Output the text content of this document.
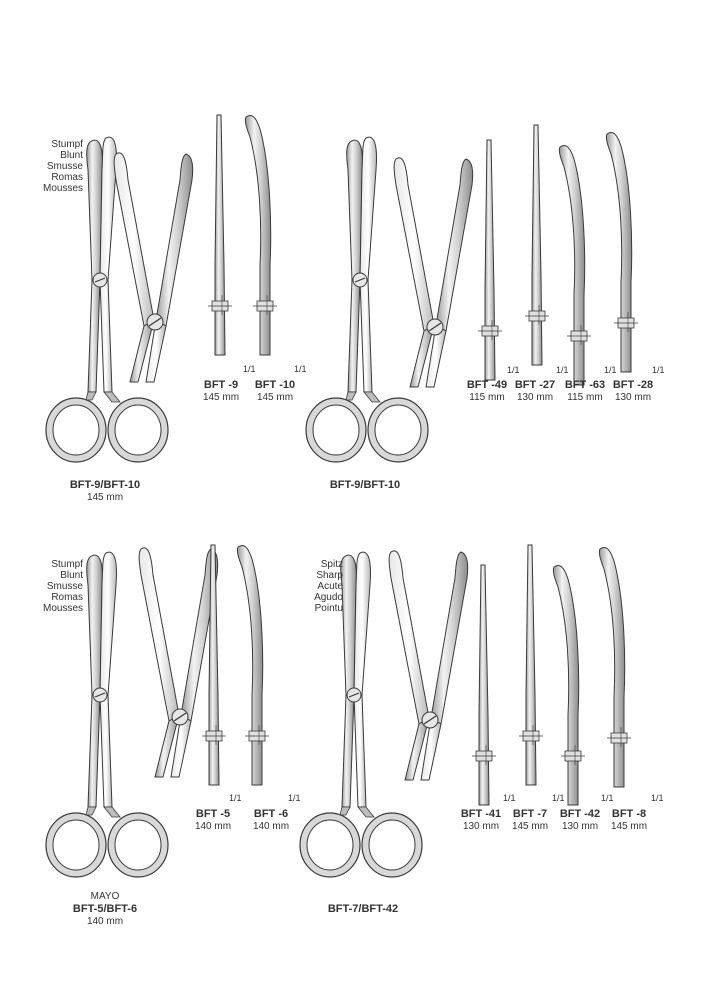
Stumpf
Blunt
Smusse
Romas
Mousses
1/1	1/1
BFT -9
145 mm
BFT -10
145 mm
BFT-9/BFT-10
145 mm
1/1	1/1	1/1	1/1
BFT -49
115 mm
BFT -27
130 mm
BFT -63
115 mm
BFT -28
130 mm
BFT-9/BFT-10
Stumpf
Blunt
Smusse
Romas
Mousses
1/1	1/1
BFT -5
140 mm
BFT -6
140 mm
MAYO
BFT-5/BFT-6
140 mm
Spitz
Sharp
Acute
Agudo
Pointu
1/1	1/1	1/1	1/1
BFT -41
130 mm
BFT -7
145 mm
BFT -42
130 mm
BFT -8
145 mm
BFT-7/BFT-42
